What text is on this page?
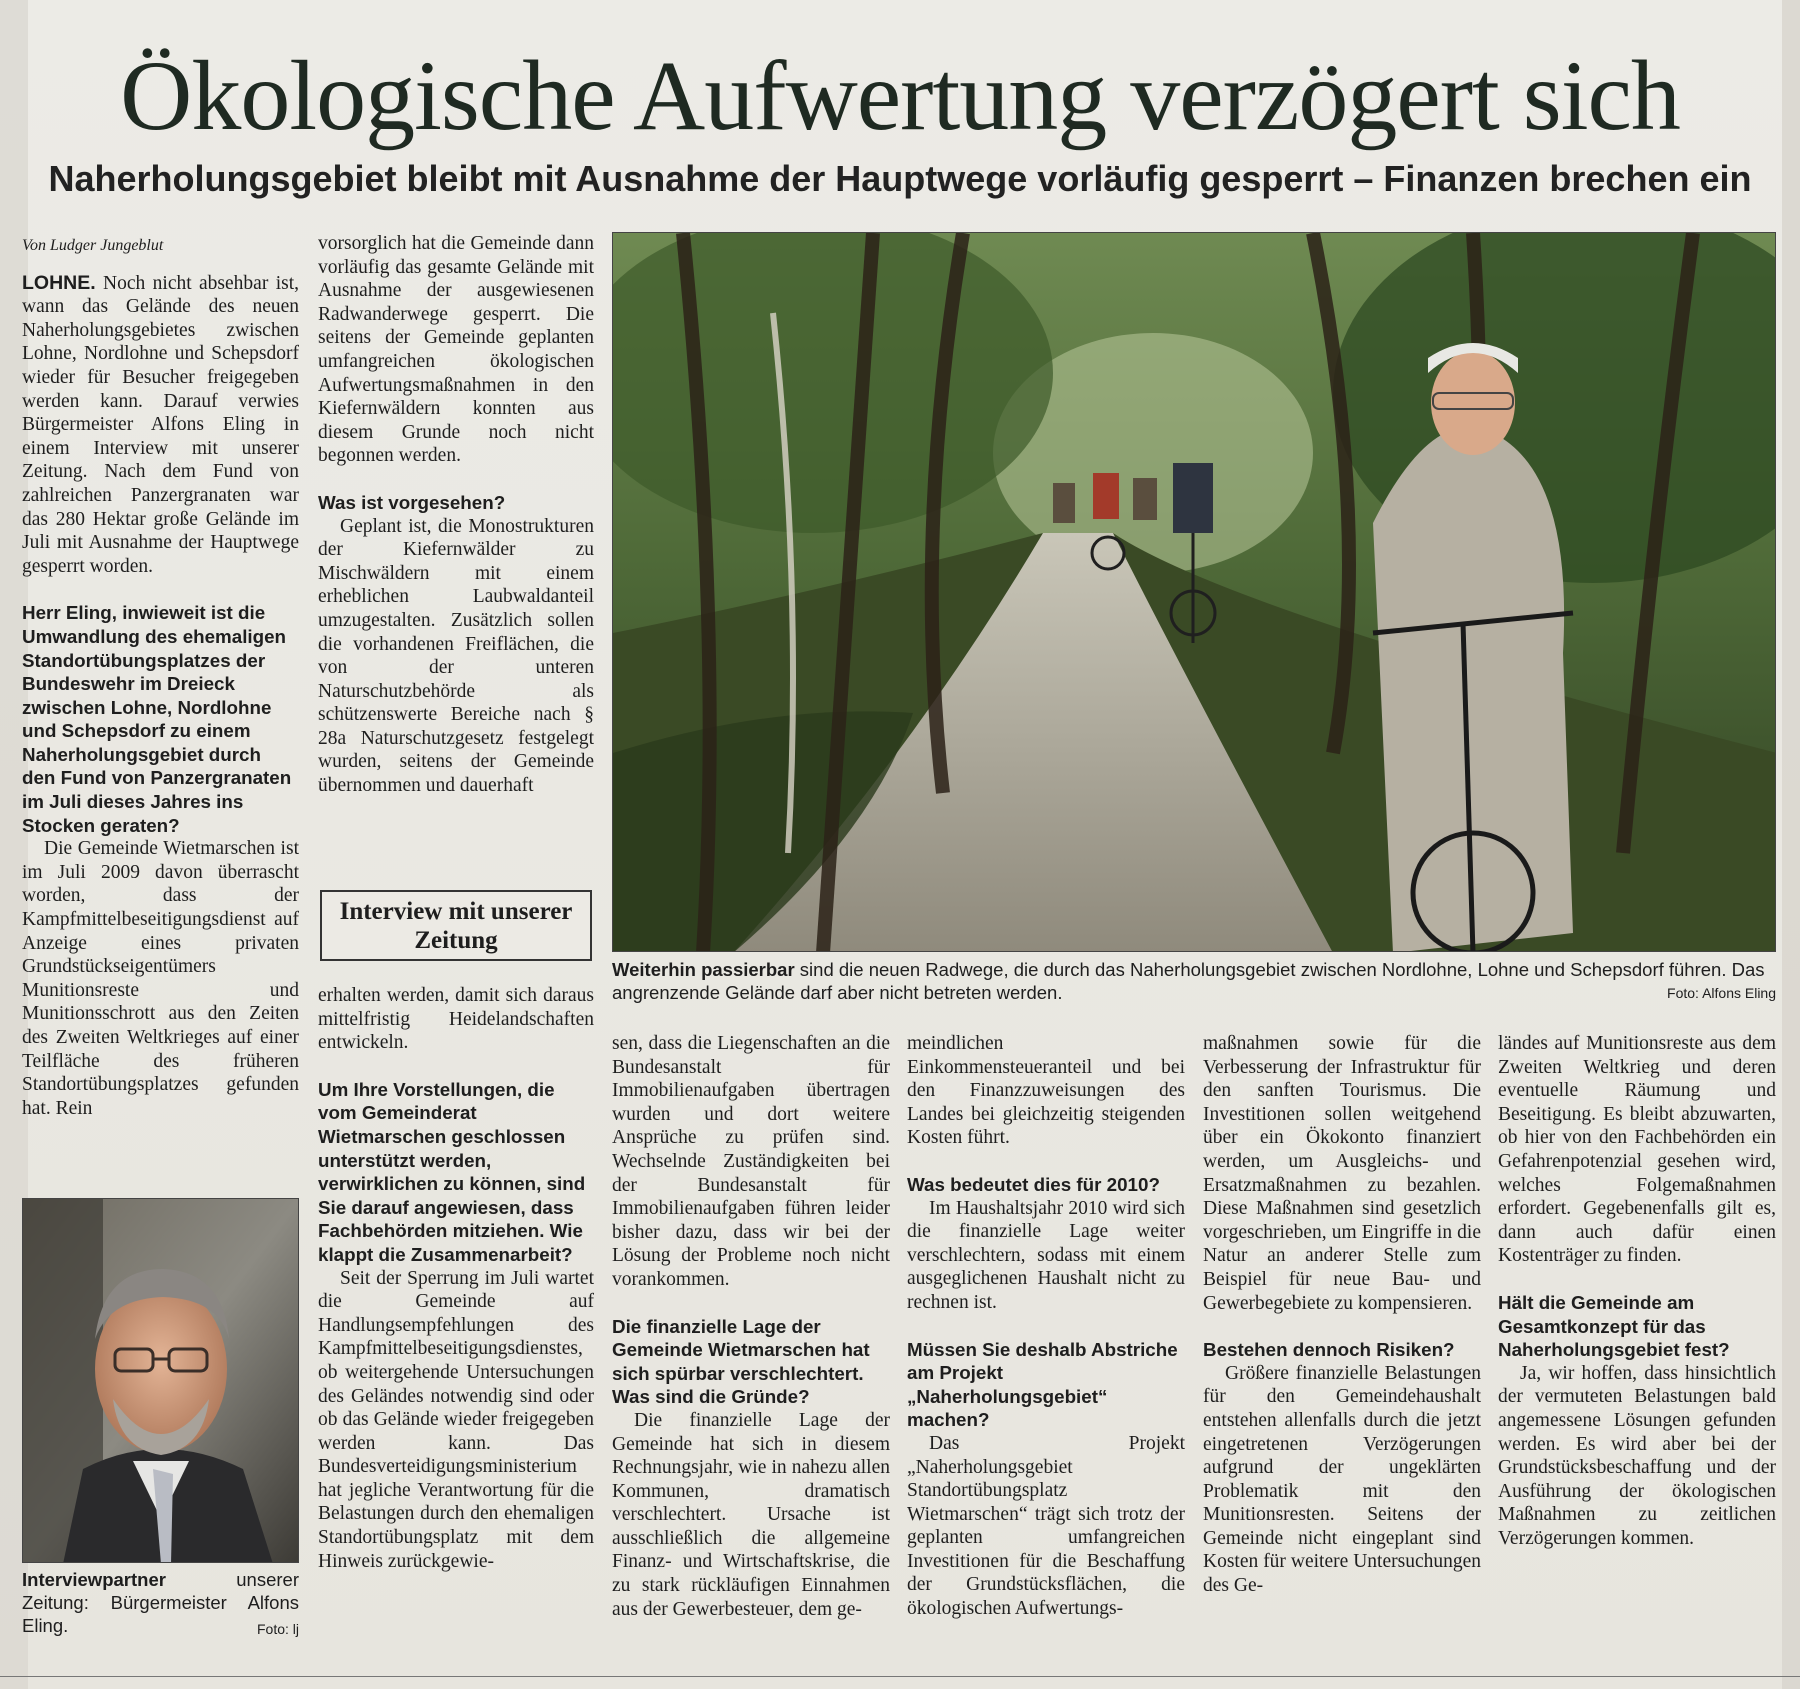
Ökologische Aufwertung verzögert sich
Naherholungsgebiet bleibt mit Ausnahme der Hauptwege vorläufig gesperrt – Finanzen brechen ein
Von Ludger Jungeblut

LOHNE. Noch nicht absehbar ist, wann das Gelände des neuen Naherholungsgebietes zwischen Lohne, Nordlohne und Schepsdorf wieder für Besucher freigegeben werden kann. Darauf verwies Bürgermeister Alfons Eling in einem Interview mit unserer Zeitung. Nach dem Fund von zahlreichen Panzergranaten war das 280 Hektar große Gelände im Juli mit Ausnahme der Hauptwege gesperrt worden.

Herr Eling, inwieweit ist die Umwandlung des ehemaligen Standortübungsplatzes der Bundeswehr im Dreieck zwischen Lohne, Nordlohne und Schepsdorf zu einem Naherholungsgebiet durch den Fund von Panzergranaten im Juli dieses Jahres ins Stocken geraten?

Die Gemeinde Wietmarschen ist im Juli 2009 davon überrascht worden, dass der Kampfmittelbeseitigungsdienst auf Anzeige eines privaten Grundstückseigentümers Munitionsreste und Munitionsschrott aus den Zeiten des Zweiten Weltkrieges auf einer Teilfläche des früheren Standortübungsplatzes gefunden hat. Rein

Interviewpartner unserer Zeitung: Bürgermeister Alfons Eling.	Foto: lj

vorsorglich hat die Gemeinde dann vorläufig das gesamte Gelände mit Ausnahme der ausgewiesenen Radwanderwege gesperrt. Die seitens der Gemeinde geplanten umfangreichen ökologischen Aufwertungsmaßnahmen in den Kiefernwäldern konnten aus diesem Grunde noch nicht begonnen werden.

Was ist vorgesehen?

Geplant ist, die Monostrukturen der Kiefernwälder zu Mischwäldern mit einem erheblichen Laubwaldanteil umzugestalten. Zusätzlich sollen die vorhandenen Freiflächen, die von der unteren Naturschutzbehörde als schützenswerte Bereiche nach § 28a Naturschutzgesetz festgelegt wurden, seitens der Gemeinde übernommen und dauerhaft

Interview mit unserer Zeitung

erhalten werden, damit sich daraus mittelfristig Heidelandschaften entwickeln.

Um Ihre Vorstellungen, die vom Gemeinderat Wietmarschen geschlossen unterstützt werden, verwirklichen zu können, sind Sie darauf angewiesen, dass Fachbehörden mitziehen. Wie klappt die Zusammenarbeit?

Seit der Sperrung im Juli wartet die Gemeinde auf Handlungsempfehlungen des Kampfmittelbeseitigungsdienstes, ob weitergehende Untersuchungen des Geländes notwendig sind oder ob das Gelände wieder freigegeben werden kann. Das Bundesverteidigungsministerium hat jegliche Verantwortung für die Belastungen durch den ehemaligen Standortübungsplatz mit dem Hinweis zurückgewie-

Weiterhin passierbar sind die neuen Radwege, die durch das Naherholungsgebiet zwischen Nordlohne, Lohne und Schepsdorf führen. Das angrenzende Gelände darf aber nicht betreten werden.	Foto: Alfons Eling

sen, dass die Liegenschaften an die Bundesanstalt für Immobilienaufgaben übertragen wurden und dort weitere Ansprüche zu prüfen sind. Wechselnde Zuständigkeiten bei der Bundesanstalt für Immobilienaufgaben führen leider bisher dazu, dass wir bei der Lösung der Probleme noch nicht vorankommen.

Die finanzielle Lage der Gemeinde Wietmarschen hat sich spürbar verschlechtert. Was sind die Gründe?

Die finanzielle Lage der Gemeinde hat sich in diesem Rechnungsjahr, wie in nahezu allen Kommunen, dramatisch verschlechtert. Ursache ist ausschließlich die allgemeine Finanz- und Wirtschaftskrise, die zu stark rückläufigen Einnahmen aus der Gewerbesteuer, dem ge-

meindlichen Einkommensteueranteil und bei den Finanzzuweisungen des Landes bei gleichzeitig steigenden Kosten führt.

Was bedeutet dies für 2010?

Im Haushaltsjahr 2010 wird sich die finanzielle Lage weiter verschlechtern, sodass mit einem ausgeglichenen Haushalt nicht zu rechnen ist.

Müssen Sie deshalb Abstriche am Projekt „Naherholungsgebiet“ machen?

Das Projekt „Naherholungsgebiet Standortübungsplatz Wietmarschen“ trägt sich trotz der geplanten umfangreichen Investitionen für die Beschaffung der Grundstücksflächen, die ökologischen Aufwertungs-

maßnahmen sowie für die Verbesserung der Infrastruktur für den sanften Tourismus. Die Investitionen sollen weitgehend über ein Ökokonto finanziert werden, um Ausgleichs- und Ersatzmaßnahmen zu bezahlen. Diese Maßnahmen sind gesetzlich vorgeschrieben, um Eingriffe in die Natur an anderer Stelle zum Beispiel für neue Bau- und Gewerbegebiete zu kompensieren.

Bestehen dennoch Risiken?

Größere finanzielle Belastungen für den Gemeindehaushalt entstehen allenfalls durch die jetzt eingetretenen Verzögerungen aufgrund der ungeklärten Problematik mit den Munitionsresten. Seitens der Gemeinde nicht eingeplant sind Kosten für weitere Untersuchungen des Ge-

ländes auf Munitionsreste aus dem Zweiten Weltkrieg und deren eventuelle Räumung und Beseitigung. Es bleibt abzuwarten, ob hier von den Fachbehörden ein Gefahrenpotenzial gesehen wird, welches Folgemaßnahmen erfordert. Gegebenenfalls gilt es, dann auch dafür einen Kostenträger zu finden.

Hält die Gemeinde am Gesamtkonzept für das Naherholungsgebiet fest?

Ja, wir hoffen, dass hinsichtlich der vermuteten Belastungen bald angemessene Lösungen gefunden werden. Es wird aber bei der Grundstücksbeschaffung und der Ausführung der ökologischen Maßnahmen zu zeitlichen Verzögerungen kommen.
